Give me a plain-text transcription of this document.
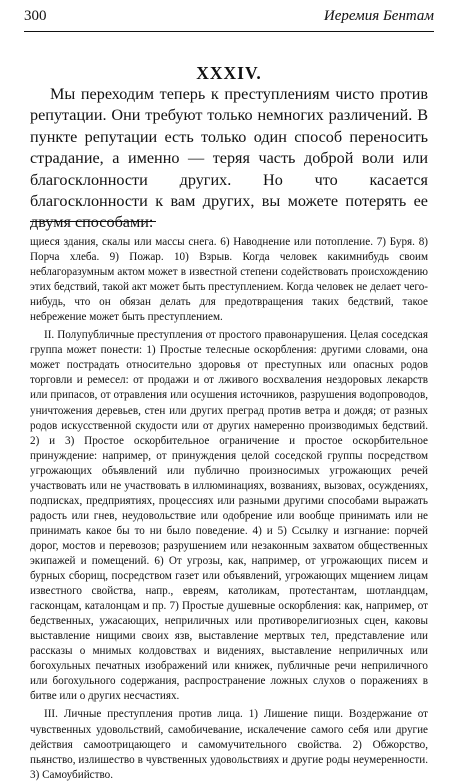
300	Иеремия Бентам
XXXIV.

Мы переходим теперь к преступлениям чисто против репутации. Они требуют только немногих различений. В пункте репутации есть только один способ переносить страдание, а именно — теряя часть доброй воли или благосклонности других. Но что касается благосклонности к вам других, вы можете потерять ее двумя способами:

щиеся здания, скалы или массы снега. 6) Наводнение или потопление. 7) Буря. 8) Порча хлеба. 9) Пожар. 10) Взрыв. Когда человек какимнибудь своим неблагоразумным актом может в известной степени содействовать происхождению этих бедствий, такой акт может быть преступлением. Когда человек не делает чего-нибудь, что он обязан делать для предотвращения таких бедствий, такое небрежение может быть преступлением.

II. Полупубличные преступления от простого правонарушения. Целая соседская группа может понести: 1) Простые телесные оскорбления: другими словами, она может пострадать относительно здоровья от преступных или опасных родов торговли и ремесел: от продажи и от лживого восхваления нездоровых лекарств или припасов, от отравления или осушения источников, разрушения водопроводов, уничтожения деревьев, стен или других преград против ветра и дождя; от разных родов искусственной скудости или от других намеренно производимых бедствий. 2) и 3) Простое оскорбительное ограничение и простое оскорбительное принуждение: например, от принуждения целой соседской группы посредством угрожающих объявлений или публично произносимых угрожающих речей участвовать или не участвовать в иллюминациях, возваниях, вызовах, осуждениях, подписках, предприятиях, процессиях или разными другими способами выражать радость или гнев, неудовольствие или одобрение или вообще принимать или не принимать какое бы то ни было поведение. 4) и 5) Ссылку и изгнание: порчей дорог, мостов и перевозов; разрушением или незаконным захватом общественных экипажей и помещений. 6) От угрозы, как, например, от угрожающих писем и бурных сборищ, посредством газет или объявлений, угрожающих мщением лицам известного свойства, напр., евреям, католикам, протестантам, шотландцам, гасконцам, каталонцам и пр. 7) Простые душевные оскорбления: как, например, от бедственных, ужасающих, неприличных или противорелигиозных сцен, каковы выставление нищими своих язв, выставление мертвых тел, представление или рассказы о мнимых колдовствах и видениях, выставление неприличных или богохульных печатных изображений или книжек, публичные речи неприличного или богохульного содержания, распространение ложных слухов о поражениях в битве или о других несчастиях.

III. Личные преступления против лица. 1) Лишение пищи. Воздержание от чувственных удовольствий, самобичевание, искалечение самого себя или другие действия самоотрицающего и самомучительного свойства. 2) Обжорство, пьянство, излишество в чувственных удовольствиях и другие роды неумеренности. 3) Самоубийство.
